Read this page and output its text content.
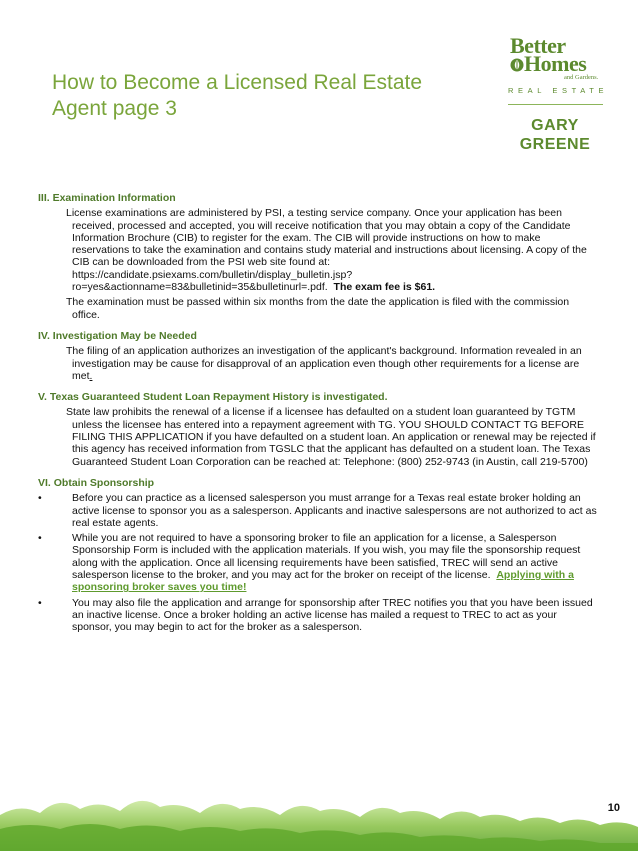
How to Become a Licensed Real Estate
Agent page 3
Better
Homes
and Gardens.
REAL ESTATE
GARY
GREENE

III. Examination Information

License examinations are administered by PSI, a testing service company. Once your application has been received, processed and accepted, you will receive notification that you may obtain a copy of the Candidate Information Brochure (CIB) to register for the exam. The CIB will provide instructions on how to make reservations to take the examination and contains study material and instructions about licensing. A copy of the CIB can be downloaded from the PSI web site found at: https://candidate.psiexams.com/bulletin/display_bulletin.jsp?ro=yes&actionname=83&bulletinid=35&bulletinurl=.pdf. The exam fee is $61.

The examination must be passed within six months from the date the application is filed with the commission office.

IV. Investigation May be Needed

The filing of an application authorizes an investigation of the applicant's background. Information revealed in an investigation may be cause for disapproval of an application even though other requirements for a license are met.

V. Texas Guaranteed Student Loan Repayment History is investigated.

State law prohibits the renewal of a license if a licensee has defaulted on a student loan guaranteed by TGTM unless the licensee has entered into a repayment agreement with TG. YOU SHOULD CONTACT TG BEFORE FILING THIS APPLICATION if you have defaulted on a student loan. An application or renewal may be rejected if this agency has received information from TGSLC that the applicant has defaulted on a student loan. The Texas Guaranteed Student Loan Corporation can be reached at: Telephone: (800) 252-9743 (in Austin, call 219-5700)

VI. Obtain Sponsorship

•	Before you can practice as a licensed salesperson you must arrange for a Texas real estate broker holding an active license to sponsor you as a salesperson. Applicants and inactive salespersons are not authorized to act as real estate agents.
•	While you are not required to have a sponsoring broker to file an application for a license, a Salesperson Sponsorship Form is included with the application materials. If you wish, you may file the sponsorship request along with the application. Once all licensing requirements have been satisfied, TREC will send an active salesperson license to the broker, and you may act for the broker on receipt of the license. Applying with a sponsoring broker saves you time!
•	You may also file the application and arrange for sponsorship after TREC notifies you that you have been issued an inactive license. Once a broker holding an active license has mailed a request to TREC to act as your sponsor, you may begin to act for the broker as a salesperson.
10
